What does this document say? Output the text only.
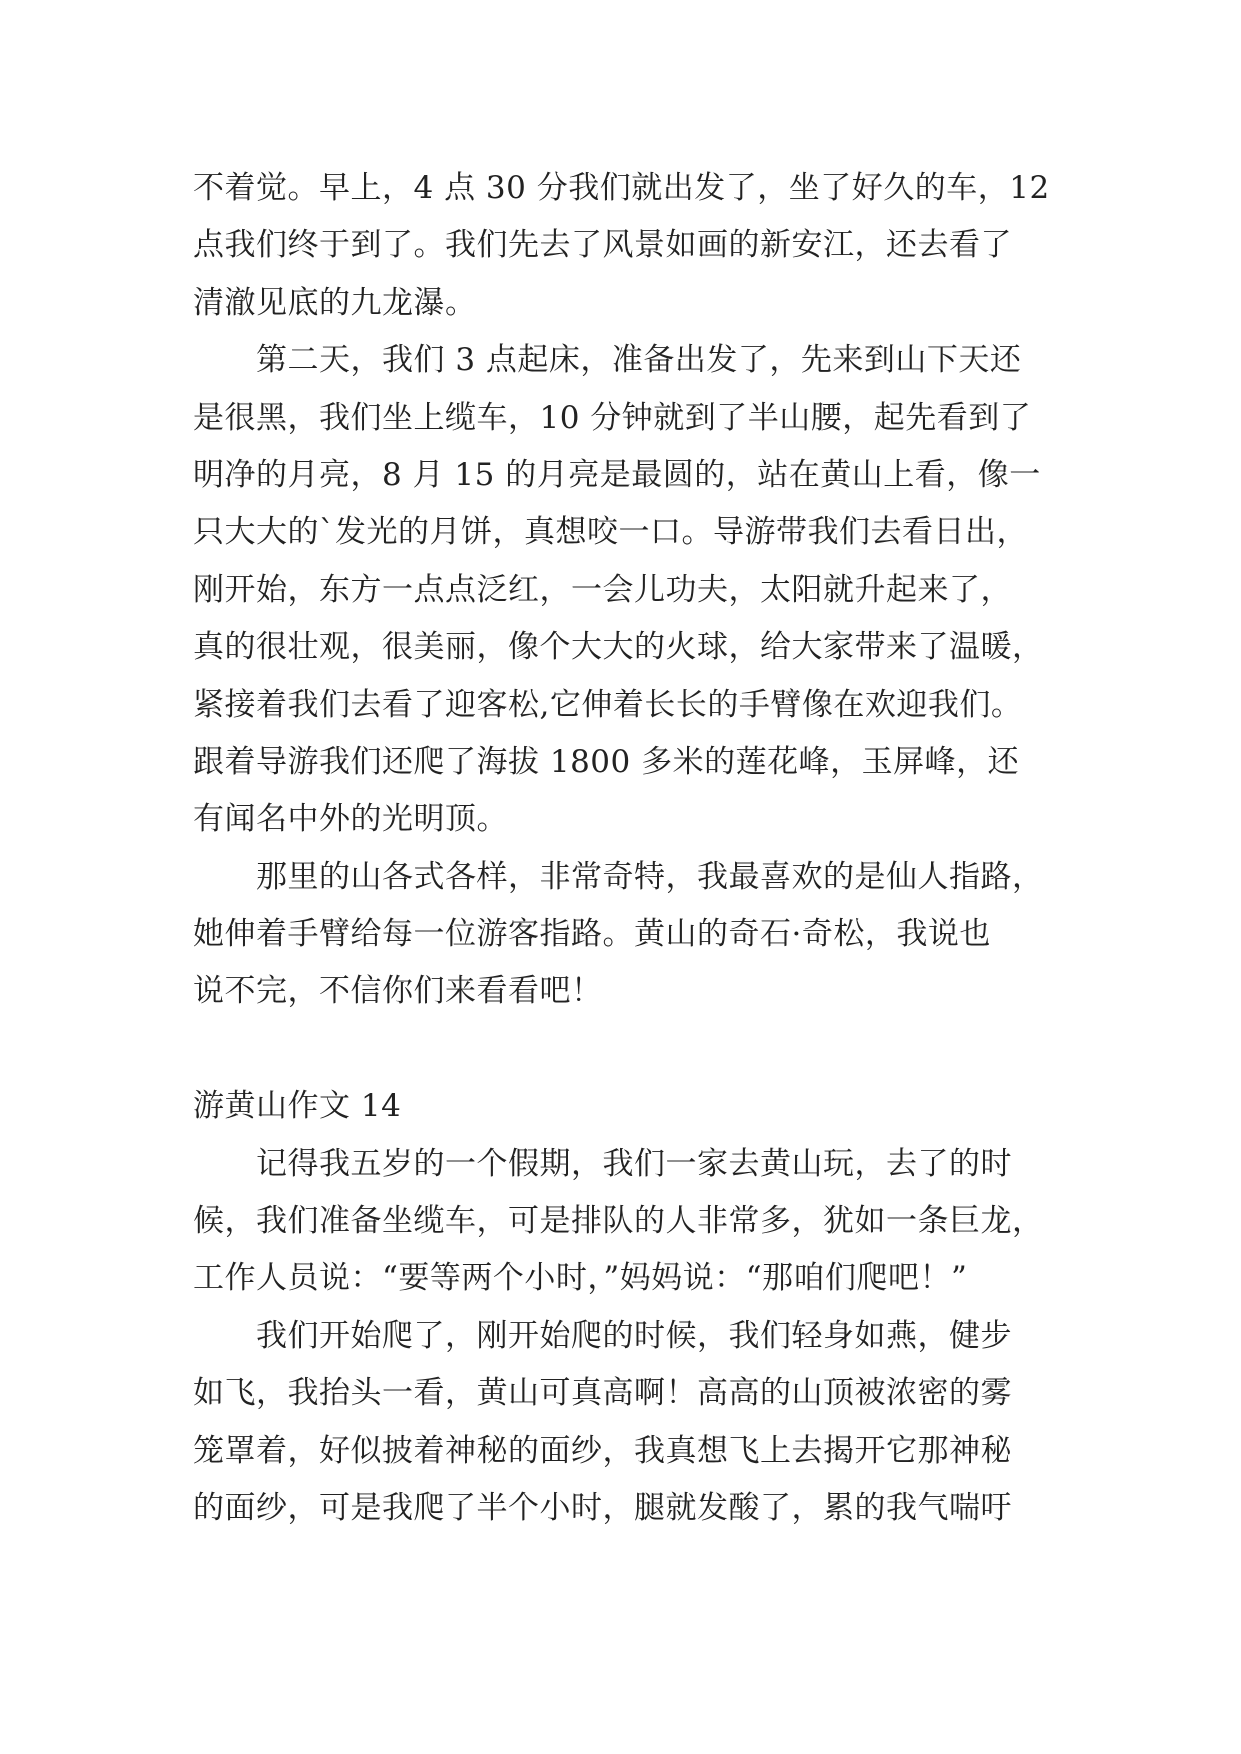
不着觉。早上，4 点 30 分我们就出发了，坐了好久的车，12
点我们终于到了。我们先去了风景如画的新安江，还去看了
清澈见底的九龙瀑。
第二天，我们 3 点起床，准备出发了，先来到山下天还
是很黑，我们坐上缆车，10 分钟就到了半山腰，起先看到了
明净的月亮，8 月 15 的月亮是最圆的，站在黄山上看，像一
只大大的`发光的月饼，真想咬一口。导游带我们去看日出，
刚开始，东方一点点泛红，一会儿功夫，太阳就升起来了，
真的很壮观，很美丽，像个大大的火球，给大家带来了温暖，
紧接着我们去看了迎客松,它伸着长长的手臂像在欢迎我们。
跟着导游我们还爬了海拔 1800 多米的莲花峰，玉屏峰，还
有闻名中外的光明顶。
那里的山各式各样，非常奇特，我最喜欢的是仙人指路，
她伸着手臂给每一位游客指路。黄山的奇石·奇松，我说也
说不完，不信你们来看看吧！
游黄山作文 14
记得我五岁的一个假期，我们一家去黄山玩，去了的时
候，我们准备坐缆车，可是排队的人非常多，犹如一条巨龙，
工作人员说：“要等两个小时，”妈妈说：“那咱们爬吧！”
我们开始爬了，刚开始爬的时候，我们轻身如燕，健步
如飞，我抬头一看，黄山可真高啊！高高的山顶被浓密的雾
笼罩着，好似披着神秘的面纱，我真想飞上去揭开它那神秘
的面纱，可是我爬了半个小时，腿就发酸了，累的我气喘吁
